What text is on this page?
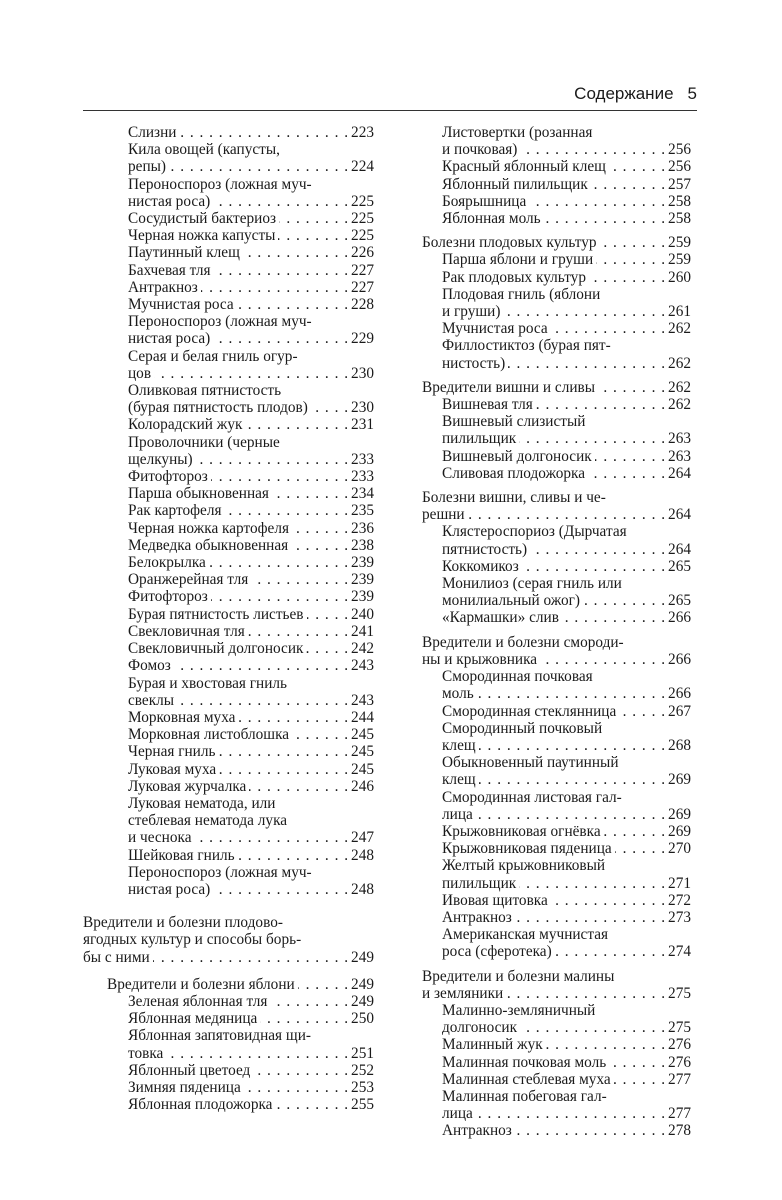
Содержание 5
Слизни . . .	223
Кила овощей (капусты,
репы) . . .	224
Пероноспороз (ложная муч-
нистая роса) . . .	225
Сосудистый бактериоз . . .	225
Черная ножка капусты . . .	225
Паутинный клещ . . .	226
Бахчевая тля . . .	227
Антракноз . . .	227
Мучнистая роса . . .	228
Пероноспороз (ложная муч-
нистая роса) . . .	229
Серая и белая гниль огур-
цов . . .	230
Оливковая пятнистость
(бурая пятнистость плодов) . . .	230
Колорадский жук . . .	231
Проволочники (черные
щелкуны) . . .	233
Фитофтороз . . .	233
Парша обыкновенная . . .	234
Рак картофеля . . .	235
Черная ножка картофеля . . .	236
Медведка обыкновенная . . .	238
Белокрылка . . .	239
Оранжерейная тля . . .	239
Фитофтороз . . .	239
Бурая пятнистость листьев . . .	240
Свекловичная тля . . .	241
Свекловичный долгоносик . . .	242
Фомоз . . .	243
Бурая и хвостовая гниль
свеклы . . .	243
Морковная муха . . .	244
Морковная листоблошка . . .	245
Черная гниль . . .	245
Луковая муха . . .	245
Луковая журчалка . . .	246
Луковая нематода, или
стеблевая нематода лука
и чеснока . . .	247
Шейковая гниль . . .	248
Пероноспороз (ложная муч-
нистая роса) . . .	248
Вредители и болезни плодово-
ягодных культур и способы борь-
бы с ними . . .	249
Вредители и болезни яблони . . .	249
Зеленая яблонная тля . . .	249
Яблонная медяница . . .	250
Яблонная запятовидная щи-
товка . . .	251
Яблонный цветоед . . .	252
Зимняя пяденица . . .	253
Яблонная плодожорка . . .	255
Листовертки (розанная
и почковая) . . .	256
Красный яблонный клещ . . .	256
Яблонный пилильщик . . .	257
Боярышница . . .	258
Яблонная моль . . .	258
Болезни плодовых культур . . .	259
Парша яблони и груши . . .	259
Рак плодовых культур . . .	260
Плодовая гниль (яблони
и груши) . . .	261
Мучнистая роса . . .	262
Филлостиктоз (бурая пят-
нистость) . . .	262
Вредители вишни и сливы . . .	262
Вишневая тля . . .	262
Вишневый слизистый
пилильщик . . .	263
Вишневый долгоносик . . .	263
Сливовая плодожорка . . .	264
Болезни вишни, сливы и че-
решни . . .	264
Клястероспориоз (Дырчатая
пятнистость) . . .	264
Коккомикоз . . .	265
Монилиоз (серая гниль или
монилиальный ожог) . . .	265
«Кармашки» слив . . .	266
Вредители и болезни смороди-
ны и крыжовника . . .	266
Смородинная почковая
моль . . .	266
Смородинная стеклянница . . .	267
Смородинный почковый
клещ . . .	268
Обыкновенный паутинный
клещ . . .	269
Смородинная листовая гал-
лица . . .	269
Крыжовниковая огнёвка . . .	269
Крыжовниковая пяденица . . .	270
Желтый крыжовниковый
пилильщик . . .	271
Ивовая щитовка . . .	272
Антракноз . . .	273
Американская мучнистая
роса (сферотека) . . .	274
Вредители и болезни малины
и земляники . . .	275
Малинно-земляничный
долгоносик . . .	275
Малинный жук . . .	276
Малинная почковая моль . . .	276
Малинная стеблевая муха . . .	277
Малинная побеговая гал-
лица . . .	277
Антракноз . . .	278
